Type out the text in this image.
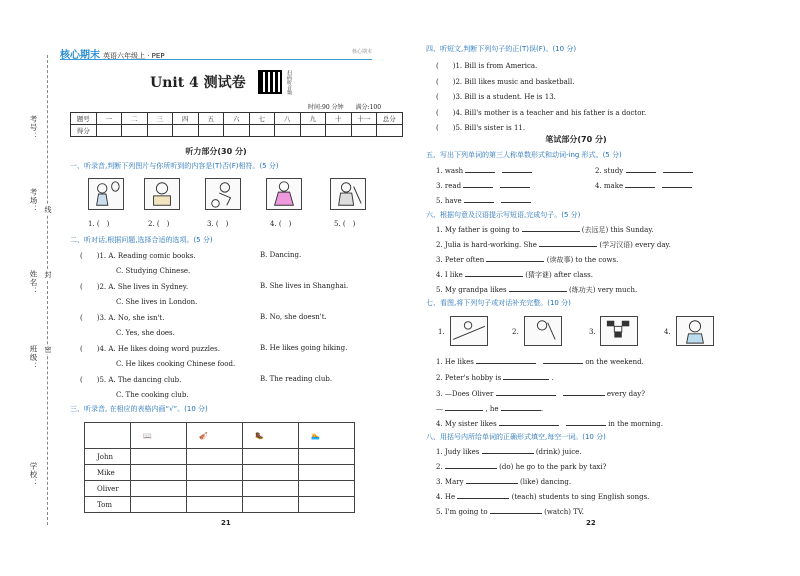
学校：
班级：
姓名：
考场：
考号：
线
封
密
核心期末 英语六年级上 · PEP	核心期末
Unit 4 测试卷	扫码听音频
时间:90 分钟　　满分:100
题号	一	二	三	四	五	六	七	八	九	十	十一	总分
得分												
听力部分(30 分)
一、听录音,判断下列图片与你所听到的内容是(T)否(F)相符。(5 分)
1. (　)	2. (　)	3. (　)	4. (　)	5. (　)
二、听对话,根据问题,选择合适的选项。(5 分)
(　　)1. A. Reading comic books.	B. Dancing.
C. Studying Chinese.
(　　)2. A. She lives in Sydney.	B. She lives in Shanghai.
C. She lives in London.
(　　)3. A. No, she isn't.	B. No, she doesn't.
C. Yes, she does.
(　　)4. A. He likes doing word puzzles.	B. He likes going hiking.
C. He likes cooking Chinese food.
(　　)5. A. The dancing club.	B. The reading club.
C. The cooking club.
三、听录音, 在相应的表格内画“√”。(10 分)
	📖	🎻	🥾	🏊
John				
Mike				
Oliver				
Tom				
21
四、听短文,判断下列句子的正(T)误(F)。(10 分)
(　　)1. Bill is from America.
(　　)2. Bill likes music and basketball.
(　　)3. Bill is a student. He is 13.
(　　)4. Bill's mother is a teacher and his father is a doctor.
(　　)5. Bill's sister is 11.
笔试部分(70 分)
五、写出下列单词的第三人称单数形式和动词-ing 形式。(5 分)
1. wash 　	2. study 　
3. read 　	4. make 　
5. have 　
六、根据句意及汉语提示写短语,完成句子。(5 分)
1. My father is going to	(去远足) this Sunday.
2. Julia is hard-working. She	(学习汉语) every day.
3. Peter often	(读故事) to the cows.
4. I like	(猜字谜) after class.
5. My grandpa likes	(练功夫) very much.
七、看图,将下列句子或对话补充完整。(10 分)
1.	2.	3.	4.
1. He likes 　	on the weekend.
2. Peter's hobby is	.
3. —Does Oliver 　	every day?
—	, he	.
4. My sister likes 　	in the morning.
八、用括号内所给单词的正确形式填空,每空一词。(10 分)
1. Judy likes	(drink) juice.
2.	(do) he go to the park by taxi?
3. Mary	(like) dancing.
4. He	(teach) students to sing English songs.
5. I'm going to	(watch) TV.
22
